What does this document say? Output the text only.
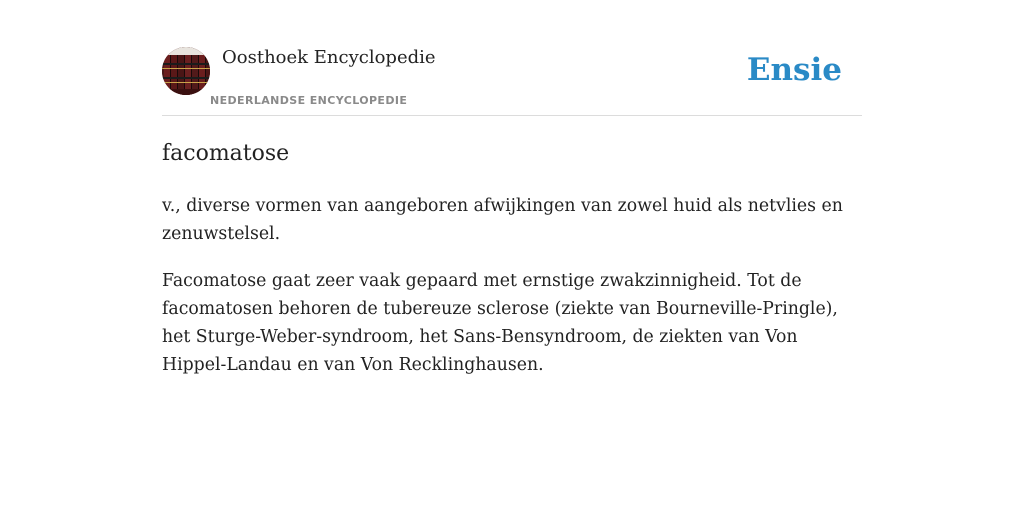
Oosthoek Encyclopedie
NEDERLANDSE ENCYCLOPEDIE
Ensie
facomatose

v., diverse vormen van aangeboren afwijkingen van zowel huid als netvlies en zenuwstelsel.

Facomatose gaat zeer vaak gepaard met ernstige zwakzinnigheid. Tot de facomatosen behoren de tubereuze sclerose (ziekte van Bourneville-Pringle), het Sturge-Weber-syndroom, het Sans-Bensyndroom, de ziekten van Von Hippel-Landau en van Von Recklinghausen.
